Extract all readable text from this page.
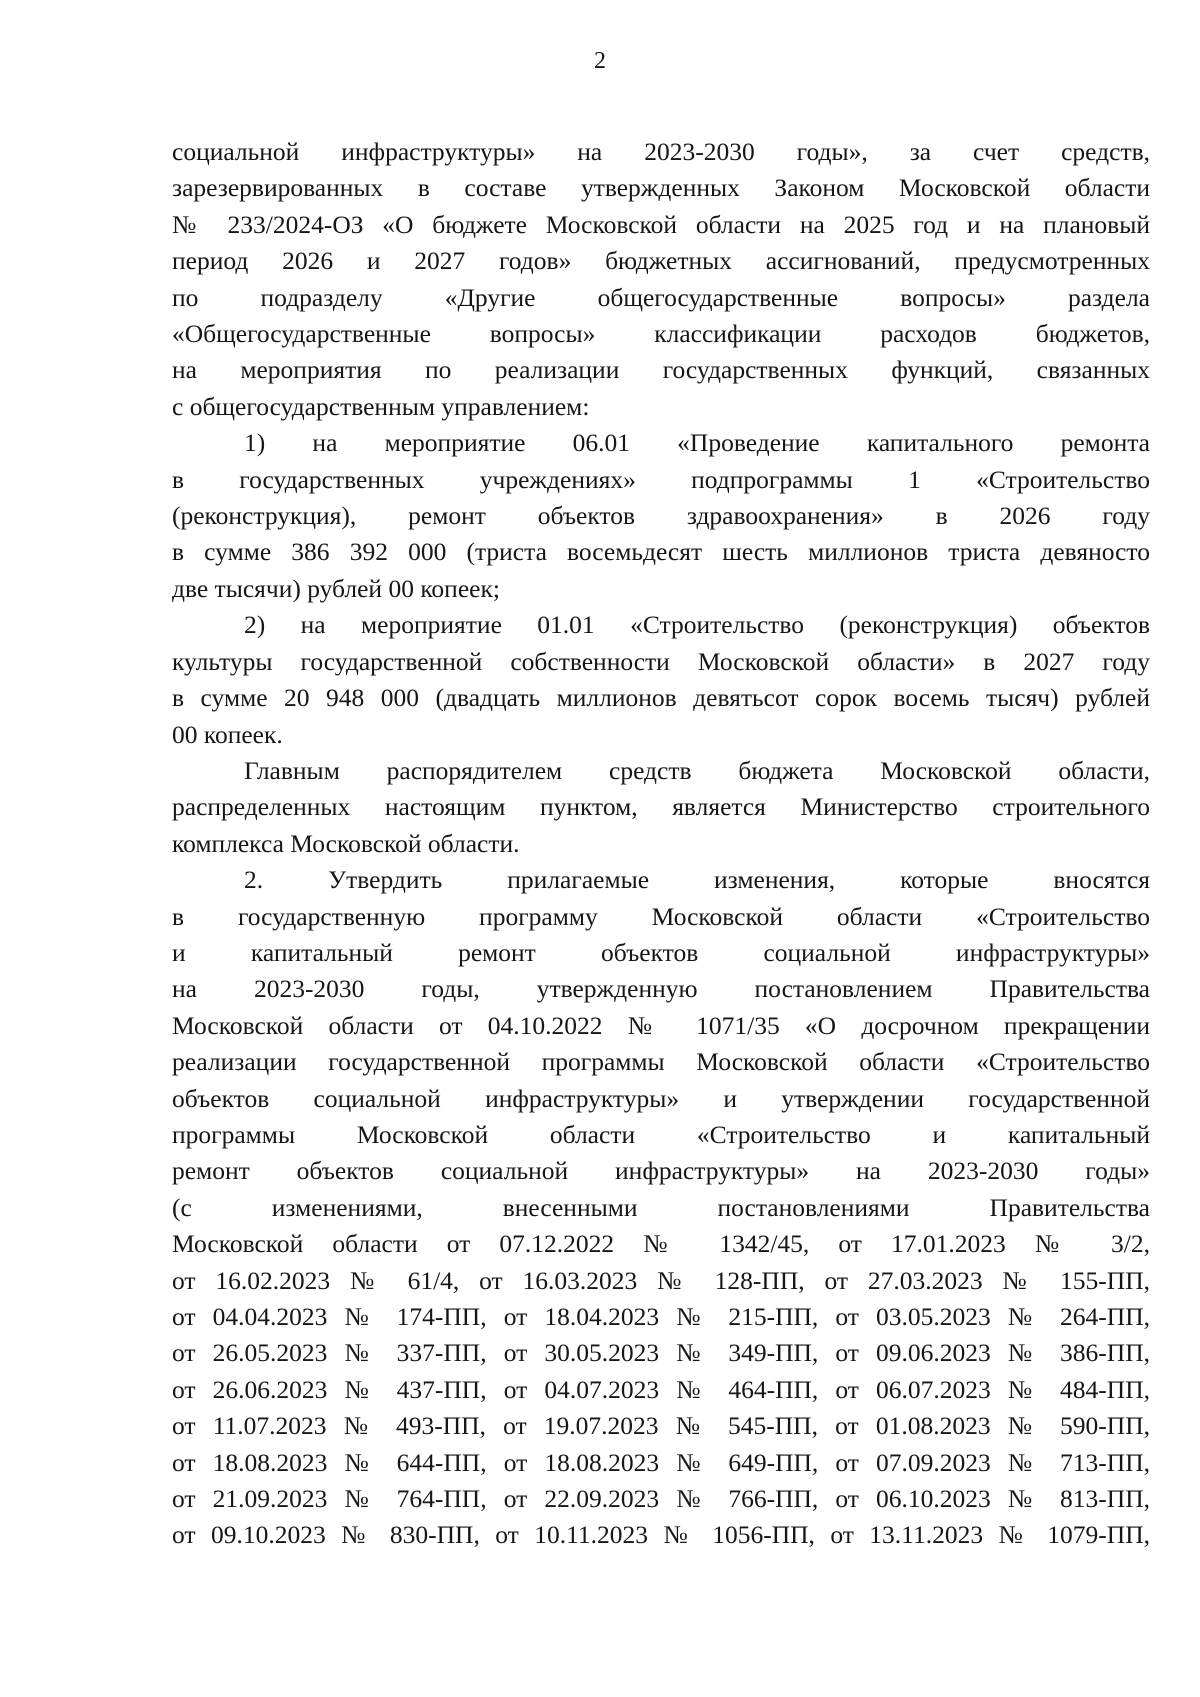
2

социальной инфраструктуры» на 2023-2030 годы», за счет средств,

зарезервированных в составе утвержденных Законом Московской области

№ 233/2024-ОЗ «О бюджете Московской области на 2025 год и на плановый

период 2026 и 2027 годов» бюджетных ассигнований, предусмотренных

по подразделу «Другие общегосударственные вопросы» раздела

«Общегосударственные вопросы» классификации расходов бюджетов,

на мероприятия по реализации государственных функций, связанных

с общегосударственным управлением:

1) на мероприятие 06.01 «Проведение капитального ремонта

в государственных учреждениях» подпрограммы 1 «Строительство

(реконструкция), ремонт объектов здравоохранения» в 2026 году

в сумме 386 392 000 (триста восемьдесят шесть миллионов триста девяносто

две тысячи) рублей 00 копеек;

2) на мероприятие 01.01 «Строительство (реконструкция) объектов

культуры государственной собственности Московской области» в 2027 году

в сумме 20 948 000 (двадцать миллионов девятьсот сорок восемь тысяч) рублей

00 копеек.

Главным распорядителем средств бюджета Московской области,

распределенных настоящим пунктом, является Министерство строительного

комплекса Московской области.

2. Утвердить прилагаемые изменения, которые вносятся

в государственную программу Московской области «Строительство

и капитальный ремонт объектов социальной инфраструктуры»

на 2023-2030 годы, утвержденную постановлением Правительства

Московской области от 04.10.2022 № 1071/35 «О досрочном прекращении

реализации государственной программы Московской области «Строительство

объектов социальной инфраструктуры» и утверждении государственной

программы Московской области «Строительство и капитальный

ремонт объектов социальной инфраструктуры» на 2023-2030 годы»

(с изменениями, внесенными постановлениями Правительства

Московской области от 07.12.2022 № 1342/45, от 17.01.2023 № 3/2,

от 16.02.2023 № 61/4, от 16.03.2023 № 128-ПП, от 27.03.2023 № 155-ПП,

от 04.04.2023 № 174-ПП, от 18.04.2023 № 215-ПП, от 03.05.2023 № 264-ПП,

от 26.05.2023 № 337-ПП, от 30.05.2023 № 349-ПП, от 09.06.2023 № 386-ПП,

от 26.06.2023 № 437-ПП, от 04.07.2023 № 464-ПП, от 06.07.2023 № 484-ПП,

от 11.07.2023 № 493-ПП, от 19.07.2023 № 545-ПП, от 01.08.2023 № 590-ПП,

от 18.08.2023 № 644-ПП, от 18.08.2023 № 649-ПП, от 07.09.2023 № 713-ПП,

от 21.09.2023 № 764-ПП, от 22.09.2023 № 766-ПП, от 06.10.2023 № 813-ПП,

от 09.10.2023 № 830-ПП, от 10.11.2023 № 1056-ПП, от 13.11.2023 № 1079-ПП,
